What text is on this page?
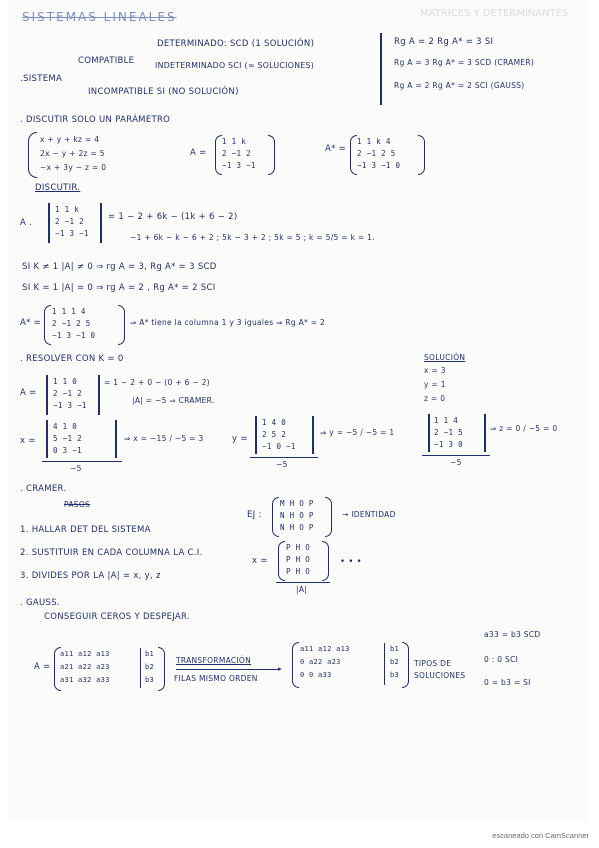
MATRICES Y DETERMINANTES
SISTEMAS LINEALES
DETERMINADO: SCD (1 SOLUCIÓN)
COMPATIBLE	INDETERMINADO SCI (∞ SOLUCIONES)
.SISTEMA
INCOMPATIBLE SI (NO SOLUCIÓN)
Rg A = 2 Rg A* = 3 SI
Rg A = 3 Rg A* = 3 SCD (CRAMER)
Rg A = 2 Rg A* = 2 SCI (GAUSS)
. DISCUTIR SOLO UN PARÁMETRO
x + y + kz = 4
2x − y + 2z = 5
−x + 3y − z = 0
A =
1 1 k
2 −1 2
−1 3 −1
A* =
1 1 k 4
2 −1 2 5
−1 3 −1 0
DISCUTIR.
A .
1 1 k
2 −1 2
−1 3 −1
= 1 − 2 + 6k − (1k + 6 − 2)
−1 + 6k − k − 6 + 2 ; 5k − 3 + 2 ; 5k = 5 ; k = 5/5 = k = 1.
SI K ≠ 1 |A| ≠ 0 ⇒ rg A = 3, Rg A* = 3 SCD
SI K = 1 |A| = 0 ⇒ rg A = 2 , Rg A* = 2 SCI
A* =
1 1 1 4
2 −1 2 5
−1 3 −1 0
⇒ A* tiene la columna 1 y 3 iguales ⇒ Rg A* = 2
. RESOLVER CON K = 0	SOLUCIÓN
x = 3
y = 1
z = 0
A =
1 1 0
2 −1 2
−1 3 −1
= 1 − 2 + 0 − (0 + 6 − 2)
|A| = −5 ⇒ CRAMER.
x =
4 1 0
5 −1 2
0 3 −1
−5
⇒ x = −15 / −5 = 3	y =
1 4 0
2 5 2
−1 0 −1
−5
⇒ y = −5 / −5 = 1
1 1 4
2 −1 5
−1 3 0
−5
⇒ z = 0 / −5 = 0
. CRAMER.
PASOS
1. HALLAR DET DEL SISTEMA
2. SUSTITUIR EN CADA COLUMNA LA C.I.
3. DIVIDES POR LA |A| = x, y, z
EJ :
M H O P
N H O P
N H O P
→ IDENTIDAD
x =
P H O
P H O
P H O
|A|
• • •
. GAUSS.
CONSEGUIR CEROS Y DESPEJAR.
A =
a11 a12 a13
a21 a22 a23
a31 a32 a33
b1
b2
b3
TRANSFORMACIÓN
▸
FILAS MISMO ORDEN
a11 a12 a13
0 a22 a23
0 0 a33
b1
b2
b3
TIPOS DE SOLUCIONES
a33 = b3 SCD
0 : 0 SCI
0 = b3 = SI
escaneado con CamScanner
